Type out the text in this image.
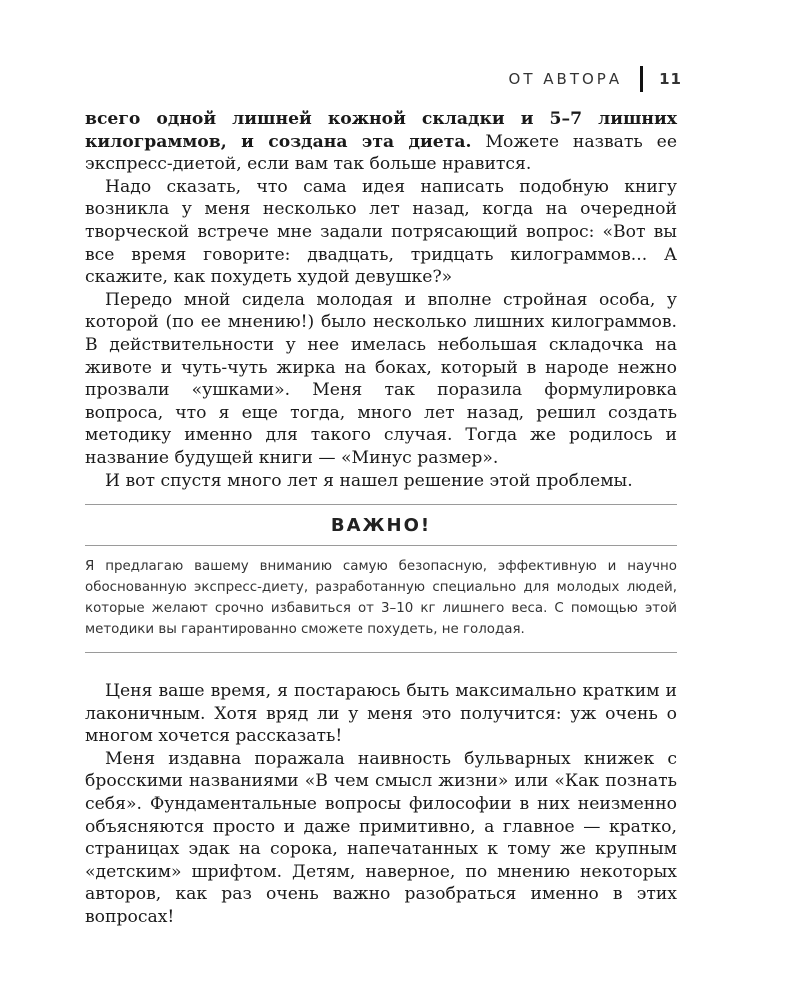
ОТ АВТОРА 11

всего одной лишней кожной складки и 5–7 лишних килограммов, и создана эта диета. Можете назвать ее экспресс-диетой, если вам так больше нравится.

Надо сказать, что сама идея написать подобную книгу возникла у меня несколько лет назад, когда на очередной творческой встрече мне задали потрясающий вопрос: «Вот вы все время говорите: двадцать, тридцать килограммов... А скажите, как похудеть худой девушке?»

Передо мной сидела молодая и вполне стройная особа, у которой (по ее мнению!) было несколько лишних килограммов. В действительности у нее имелась небольшая складочка на животе и чуть-чуть жирка на боках, который в народе нежно прозвали «ушками». Меня так поразила формулировка вопроса, что я еще тогда, много лет назад, решил создать методику именно для такого случая. Тогда же родилось и название будущей книги — «Минус размер».

И вот спустя много лет я нашел решение этой проблемы.

ВАЖНО!
Я предлагаю вашему вниманию самую безопасную, эффективную и научно обоснованную экспресс-диету, разработанную специально для молодых людей, которые желают срочно избавиться от 3–10 кг лишнего веса. С помощью этой методики вы гарантированно сможете похудеть, не голодая.

Ценя ваше время, я постараюсь быть максимально кратким и лаконичным. Хотя вряд ли у меня это получится: уж очень о многом хочется рассказать!

Меня издавна поражала наивность бульварных книжек с бросскими названиями «В чем смысл жизни» или «Как познать себя». Фундаментальные вопросы философии в них неизменно объясняются просто и даже примитивно, а главное — кратко, страницах эдак на сорока, напечатанных к тому же крупным «детским» шрифтом. Детям, наверное, по мнению некоторых авторов, как раз очень важно разобраться именно в этих вопросах!
